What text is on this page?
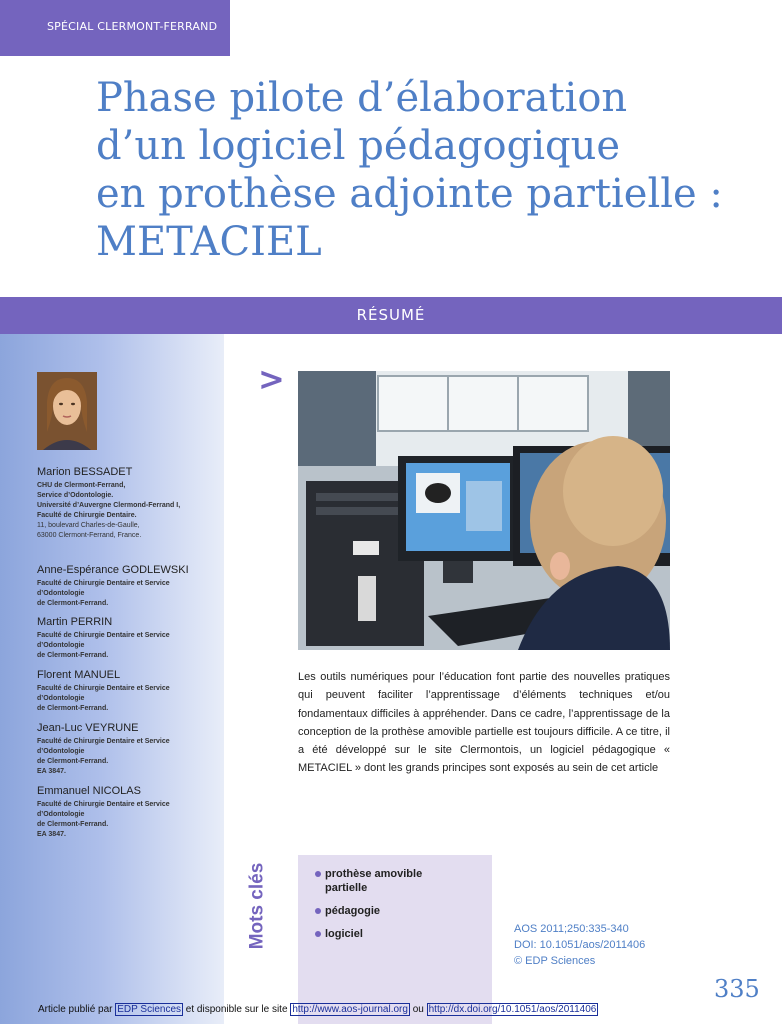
SPÉCIAL CLERMONT-FERRAND
Phase pilote d’élaboration
d’un logiciel pédagogique
en prothèse adjointe partielle :
METACIEL
RÉSUMÉ
Marion BESSADET
CHU de Clermont-Ferrand,
Service d’Odontologie.
Université d’Auvergne Clermond-Ferrand I,
Faculté de Chirurgie Dentaire.
11, boulevard Charles-de-Gaulle,
63000 Clermont-Ferrand, France.
Anne-Espérance GODLEWSKI
Faculté de Chirurgie Dentaire et Service d’Odontologie
de Clermont-Ferrand.
Martin PERRIN
Faculté de Chirurgie Dentaire et Service d’Odontologie
de Clermont-Ferrand.
Florent MANUEL
Faculté de Chirurgie Dentaire et Service d’Odontologie
de Clermont-Ferrand.
Jean-Luc VEYRUNE
Faculté de Chirurgie Dentaire et Service d’Odontologie
de Clermont-Ferrand.
EA 3847.
Emmanuel NICOLAS
Faculté de Chirurgie Dentaire et Service d’Odontologie
de Clermont-Ferrand.
EA 3847.
>
Les outils numériques pour l’éducation font partie des nouvelles pratiques qui peuvent faciliter l’apprentissage d’éléments techniques et/ou fondamentaux difficiles à appréhender. Dans ce cadre, l’apprentissage de la conception de la prothèse amovible partielle est toujours difficile. A ce titre, il a été développé sur le site Clermontois, un logiciel pédagogique « METACIEL » dont les grands principes sont exposés au sein de cet article
Mots clés	prothèse amovible partielle
pédagogie
logiciel	AOS 2011;250:335-340
DOI: 10.1051/aos/2011406
© EDP Sciences
335
Article publié par EDP Sciences et disponible sur le site http://www.aos-journal.org ou http://dx.doi.org/10.1051/aos/2011406
